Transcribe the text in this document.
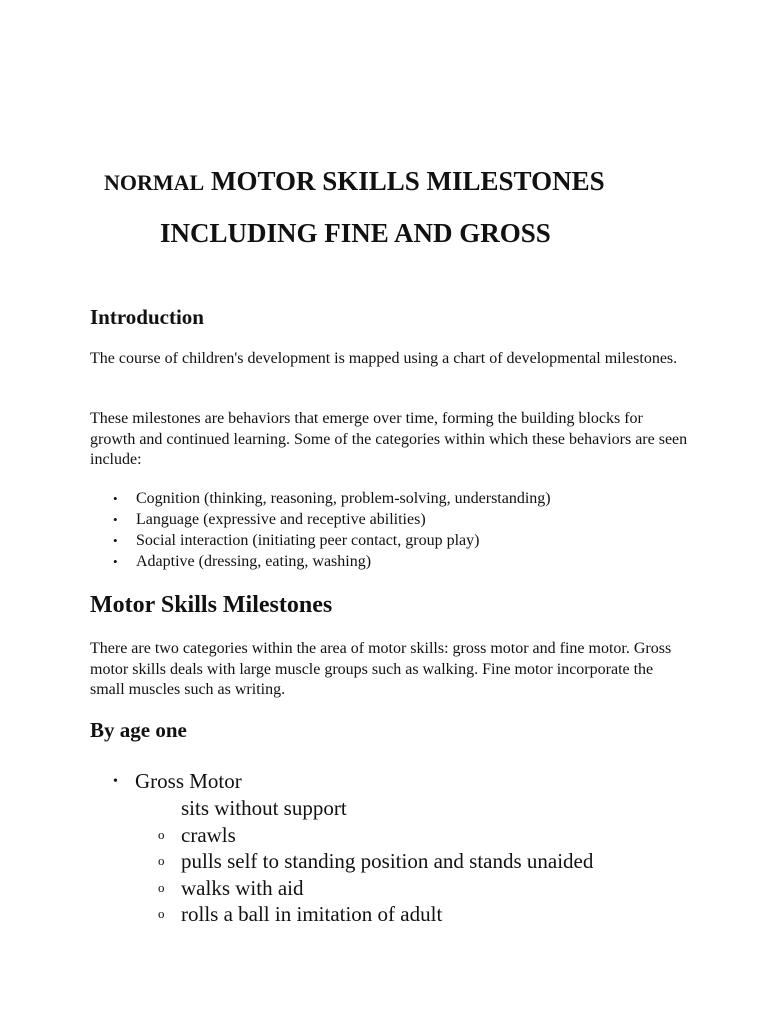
NORMAL MOTOR SKILLS MILESTONES
INCLUDING FINE AND GROSS
Introduction

The course of children's development is mapped using a chart of developmental milestones.

These milestones are behaviors that emerge over time, forming the building blocks for growth and continued learning. Some of the categories within which these behaviors are seen include:

• Cognition (thinking, reasoning, problem-solving, understanding)
• Language (expressive and receptive abilities)
• Social interaction (initiating peer contact, group play)
• Adaptive (dressing, eating, washing)
Motor Skills Milestones

There are two categories within the area of motor skills: gross motor and fine motor. Gross motor skills deals with large muscle groups such as walking. Fine motor incorporate the small muscles such as writing.

By age one
• Gross Motor
sits without support
o crawls
o pulls self to standing position and stands unaided
o walks with aid
o rolls a ball in imitation of adult
